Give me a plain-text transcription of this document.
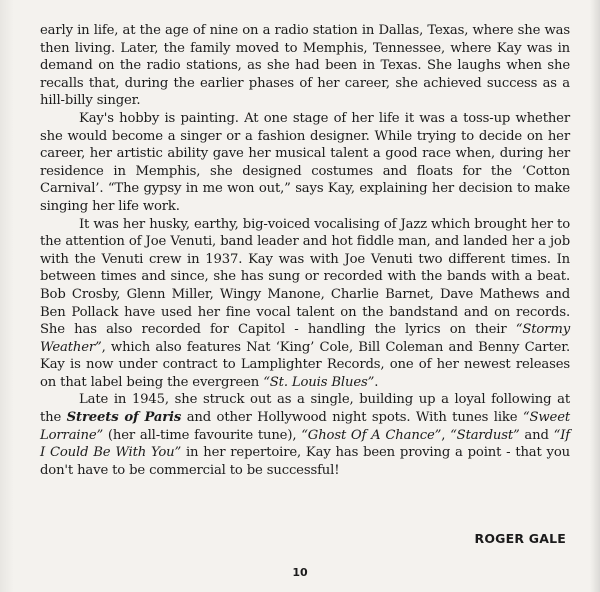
early in life, at the age of nine on a radio station in Dallas, Texas, where she was then living. Later, the family moved to Memphis, Tennessee, where Kay was in demand on the radio stations, as she had been in Texas. She laughs when she recalls that, during the earlier phases of her career, she achieved success as a hill-billy singer.

Kay's hobby is painting. At one stage of her life it was a toss-up whether she would become a singer or a fashion designer. While trying to decide on her career, her artistic ability gave her musical talent a good race when, during her residence in Memphis, she designed costumes and floats for the ‘Cotton Carnival’. “The gypsy in me won out,” says Kay, explaining her decision to make singing her life work.

It was her husky, earthy, big-voiced vocalising of Jazz which brought her to the attention of Joe Venuti, band leader and hot fiddle man, and landed her a job with the Venuti crew in 1937. Kay was with Joe Venuti two different times. In between times and since, she has sung or recorded with the bands with a beat. Bob Crosby, Glenn Miller, Wingy Manone, Charlie Barnet, Dave Mathews and Ben Pollack have used her fine vocal talent on the bandstand and on records. She has also recorded for Capitol - handling the lyrics on their “Stormy Weather”, which also features Nat ‘King’ Cole, Bill Coleman and Benny Carter. Kay is now under contract to Lamplighter Records, one of her newest releases on that label being the evergreen “St. Louis Blues”.

Late in 1945, she struck out as a single, building up a loyal following at the Streets of Paris and other Hollywood night spots. With tunes like “Sweet Lorraine” (her all-time favourite tune), “Ghost Of A Chance”, “Stardust” and “If I Could Be With You” in her repertoire, Kay has been proving a point - that you don't have to be commercial to be successful!

ROGER GALE
10
